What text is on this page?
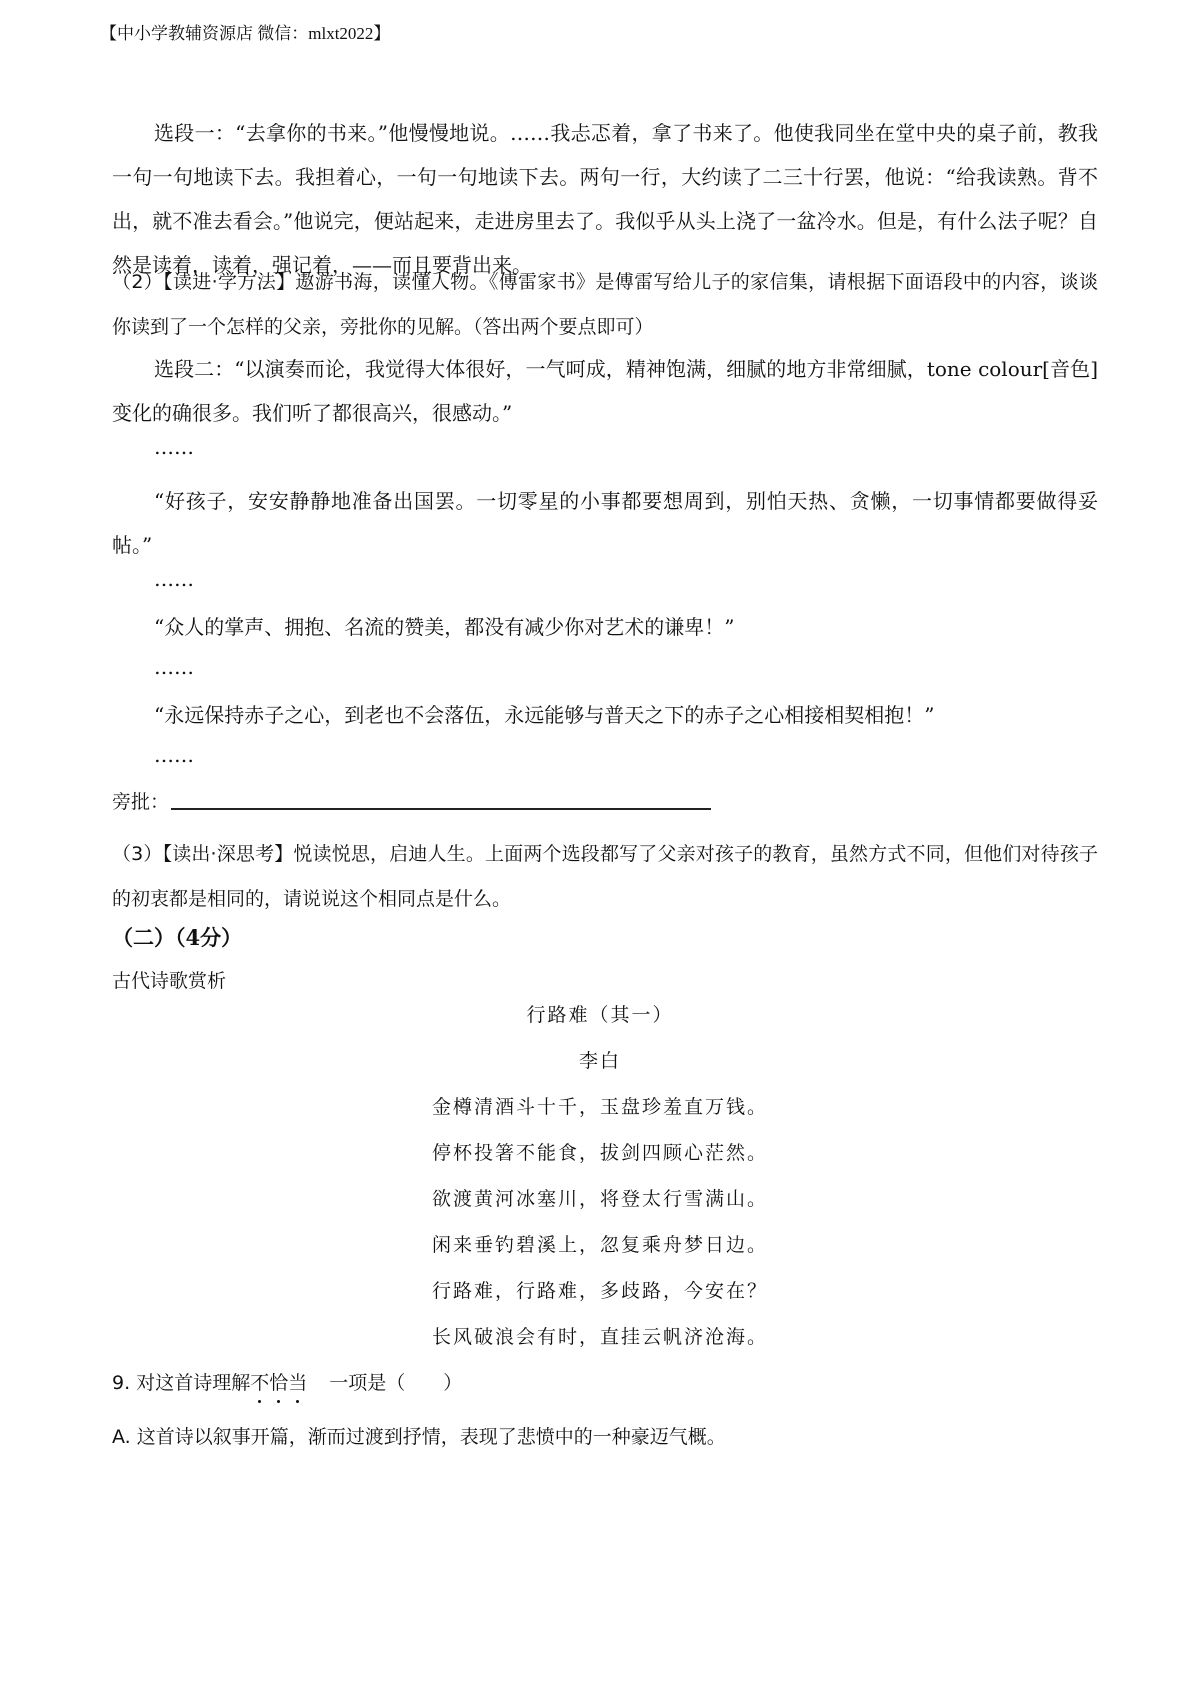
【中小学教辅资源店 微信：mlxt2022】

选段一：“去拿你的书来。”他慢慢地说。……我忐忑着，拿了书来了。他使我同坐在堂中央的桌子前，教我一句一句地读下去。我担着心，一句一句地读下去。两句一行，大约读了二三十行罢，他说：“给我读熟。背不出，就不准去看会。”他说完，便站起来，走进房里去了。我似乎从头上浇了一盆冷水。但是，有什么法子呢？自然是读着，读着，强记着，——而且要背出来。

（2）【读进·学方法】遨游书海，读懂人物。《傅雷家书》是傅雷写给儿子的家信集，请根据下面语段中的内容，谈谈你读到了一个怎样的父亲，旁批你的见解。（答出两个要点即可）

选段二：“以演奏而论，我觉得大体很好，一气呵成，精神饱满，细腻的地方非常细腻，tone colour[音色]变化的确很多。我们听了都很高兴，很感动。”

……

“好孩子，安安静静地准备出国罢。一切零星的小事都要想周到，别怕天热、贪懒，一切事情都要做得妥帖。”

……

“众人的掌声、拥抱、名流的赞美，都没有减少你对艺术的谦卑！”

……

“永远保持赤子之心，到老也不会落伍，永远能够与普天之下的赤子之心相接相契相抱！”

……

旁批：

（3）【读出·深思考】悦读悦思，启迪人生。上面两个选段都写了父亲对孩子的教育，虽然方式不同，但他们对待孩子的初衷都是相同的，请说说这个相同点是什么。

（二）（4分）

古代诗歌赏析

行路难（其一）

李白

金樽清酒斗十千，玉盘珍羞直万钱。

停杯投箸不能食，拔剑四顾心茫然。

欲渡黄河冰塞川，将登太行雪满山。

闲来垂钓碧溪上，忽复乘舟梦日边。

行路难，行路难，多歧路，今安在？

长风破浪会有时，直挂云帆济沧海。

9. 对这首诗理解不恰当 一项是（　　）

A. 这首诗以叙事开篇，渐而过渡到抒情，表现了悲愤中的一种豪迈气概。
